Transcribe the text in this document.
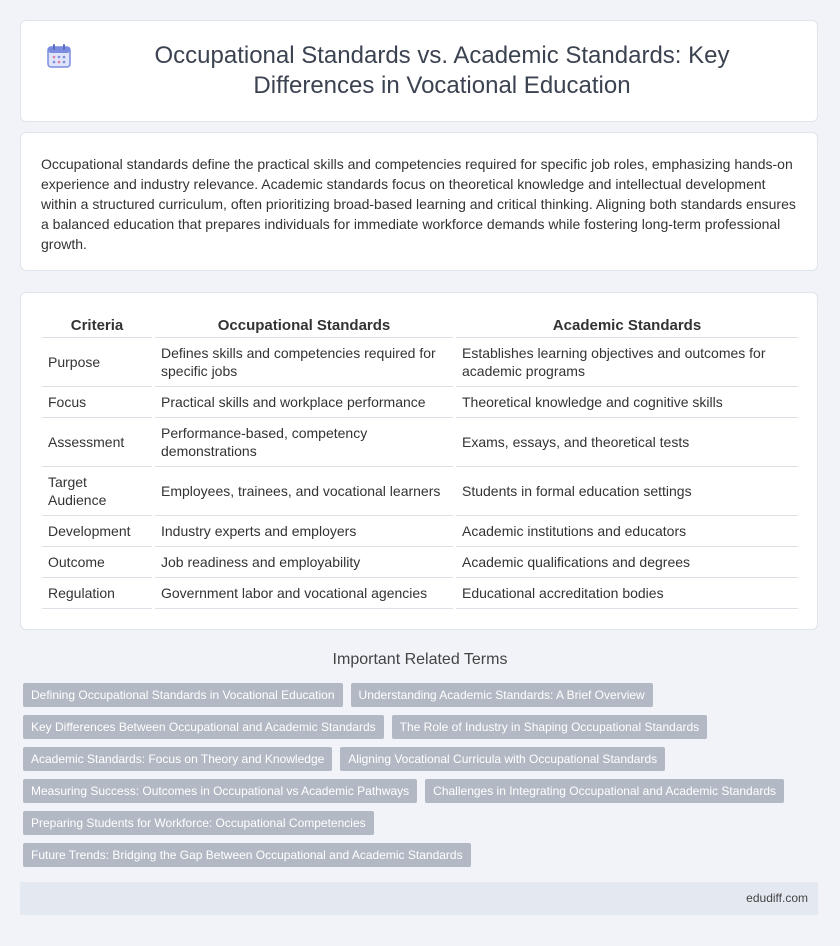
Occupational Standards vs. Academic Standards: Key Differences in Vocational Education

Occupational standards define the practical skills and competencies required for specific job roles, emphasizing hands-on experience and industry relevance. Academic standards focus on theoretical knowledge and intellectual development within a structured curriculum, often prioritizing broad-based learning and critical thinking. Aligning both standards ensures a balanced education that prepares individuals for immediate workforce demands while fostering long-term professional growth.

Criteria	Occupational Standards	Academic Standards
Purpose	Defines skills and competencies required for specific jobs	Establishes learning objectives and outcomes for academic programs
Focus	Practical skills and workplace performance	Theoretical knowledge and cognitive skills
Assessment	Performance-based, competency demonstrations	Exams, essays, and theoretical tests
Target Audience	Employees, trainees, and vocational learners	Students in formal education settings
Development	Industry experts and employers	Academic institutions and educators
Outcome	Job readiness and employability	Academic qualifications and degrees
Regulation	Government labor and vocational agencies	Educational accreditation bodies
Important Related Terms
Defining Occupational Standards in Vocational Education	Understanding Academic Standards: A Brief Overview
Key Differences Between Occupational and Academic Standards	The Role of Industry in Shaping Occupational Standards
Academic Standards: Focus on Theory and Knowledge	Aligning Vocational Curricula with Occupational Standards
Measuring Success: Outcomes in Occupational vs Academic Pathways	Challenges in Integrating Occupational and Academic Standards
Preparing Students for Workforce: Occupational Competencies
Future Trends: Bridging the Gap Between Occupational and Academic Standards
edudiff.com
